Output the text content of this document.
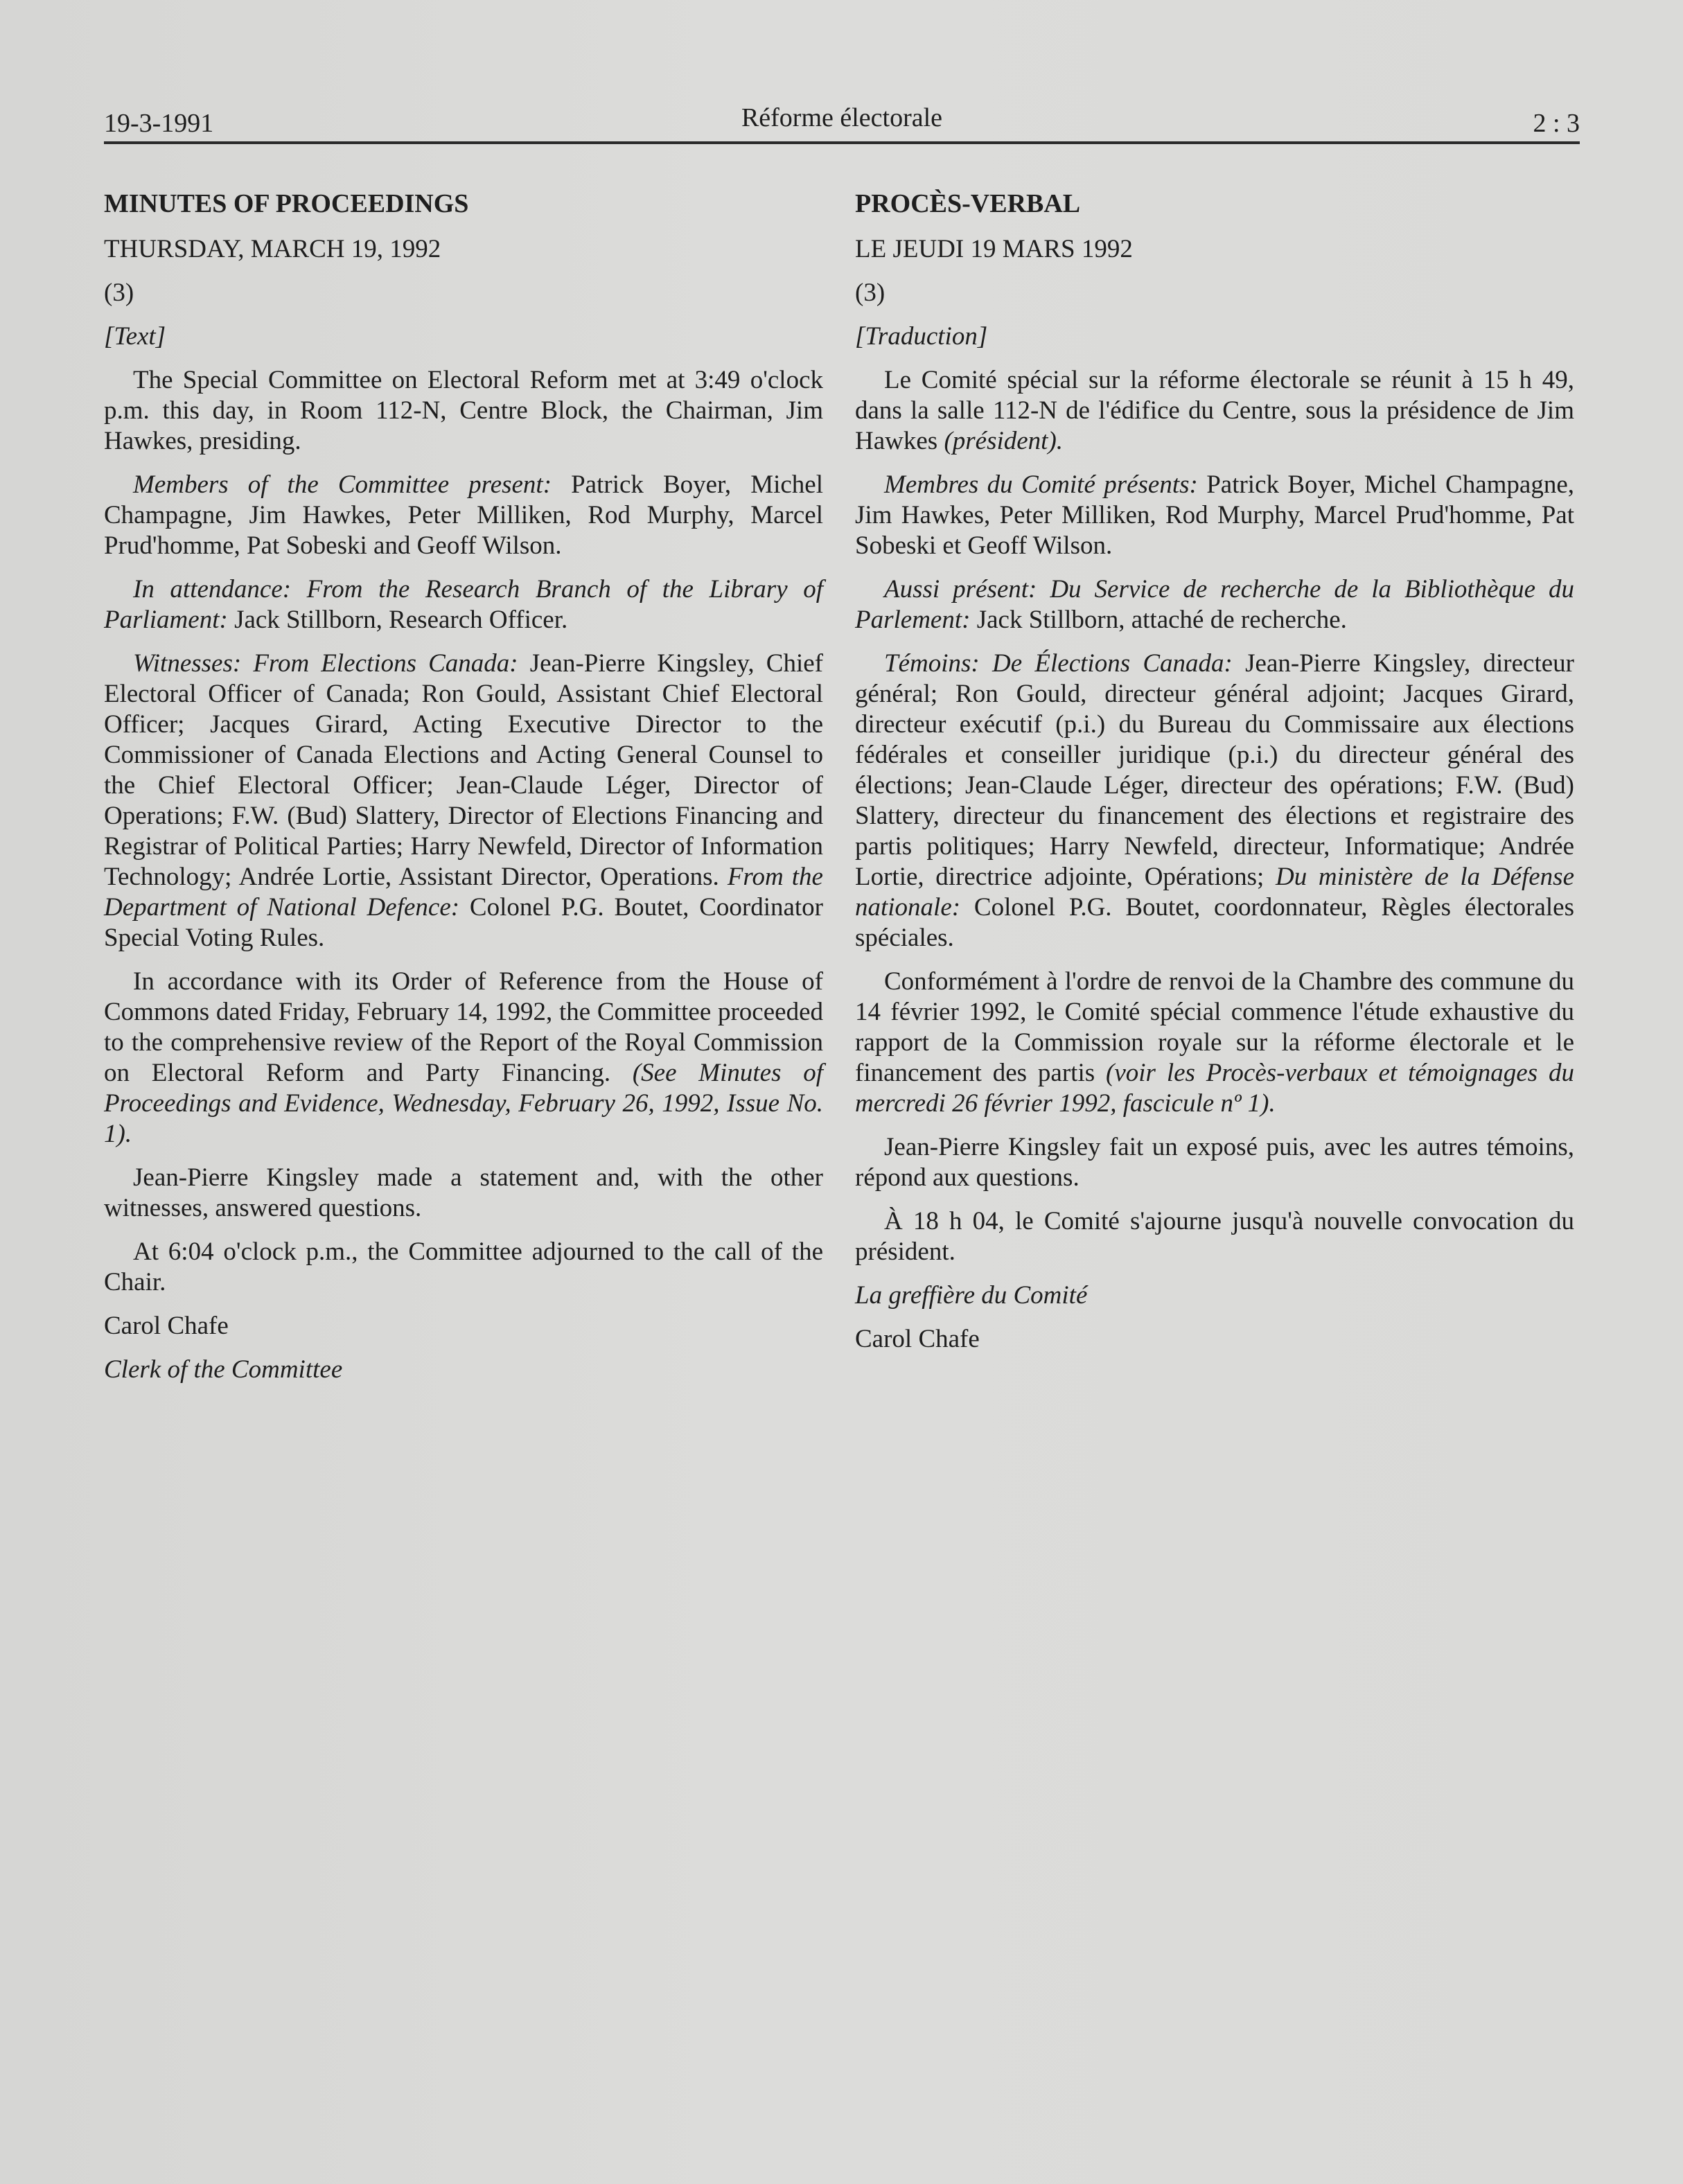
19-3-1991	Réforme électorale	2 : 3
MINUTES OF PROCEEDINGS

THURSDAY, MARCH 19, 1992

(3)

[Text]

The Special Committee on Electoral Reform met at 3:49 o'clock p.m. this day, in Room 112-N, Centre Block, the Chairman, Jim Hawkes, presiding.

Members of the Committee present: Patrick Boyer, Michel Champagne, Jim Hawkes, Peter Milliken, Rod Murphy, Marcel Prud'homme, Pat Sobeski and Geoff Wilson.

In attendance: From the Research Branch of the Library of Parliament: Jack Stillborn, Research Officer.

Witnesses: From Elections Canada: Jean-Pierre Kingsley, Chief Electoral Officer of Canada; Ron Gould, Assistant Chief Electoral Officer; Jacques Girard, Acting Executive Director to the Commissioner of Canada Elections and Acting General Counsel to the Chief Electoral Officer; Jean-Claude Léger, Director of Operations; F.W. (Bud) Slattery, Director of Elections Financing and Registrar of Political Parties; Harry Newfeld, Director of Information Technology; Andrée Lortie, Assistant Director, Operations. From the Department of National Defence: Colonel P.G. Boutet, Coordinator Special Voting Rules.

In accordance with its Order of Reference from the House of Commons dated Friday, February 14, 1992, the Committee proceeded to the comprehensive review of the Report of the Royal Commission on Electoral Reform and Party Financing. (See Minutes of Proceedings and Evidence, Wednesday, February 26, 1992, Issue No. 1).

Jean-Pierre Kingsley made a statement and, with the other witnesses, answered questions.

At 6:04 o'clock p.m., the Committee adjourned to the call of the Chair.

Carol Chafe

Clerk of the Committee

PROCÈS-VERBAL

LE JEUDI 19 MARS 1992

(3)

[Traduction]

Le Comité spécial sur la réforme électorale se réunit à 15 h 49, dans la salle 112-N de l'édifice du Centre, sous la présidence de Jim Hawkes (président).

Membres du Comité présents: Patrick Boyer, Michel Champagne, Jim Hawkes, Peter Milliken, Rod Murphy, Marcel Prud'homme, Pat Sobeski et Geoff Wilson.

Aussi présent: Du Service de recherche de la Bibliothèque du Parlement: Jack Stillborn, attaché de recherche.

Témoins: De Élections Canada: Jean-Pierre Kingsley, directeur général; Ron Gould, directeur général adjoint; Jacques Girard, directeur exécutif (p.i.) du Bureau du Commissaire aux élections fédérales et conseiller juridique (p.i.) du directeur général des élections; Jean-Claude Léger, directeur des opérations; F.W. (Bud) Slattery, directeur du financement des élections et registraire des partis politiques; Harry Newfeld, directeur, Informatique; Andrée Lortie, directrice adjointe, Opérations; Du ministère de la Défense nationale: Colonel P.G. Boutet, coordonnateur, Règles électorales spéciales.

Conformément à l'ordre de renvoi de la Chambre des commune du 14 février 1992, le Comité spécial commence l'étude exhaustive du rapport de la Commission royale sur la réforme électorale et le financement des partis (voir les Procès-verbaux et témoignages du mercredi 26 février 1992, fascicule nº 1).

Jean-Pierre Kingsley fait un exposé puis, avec les autres témoins, répond aux questions.

À 18 h 04, le Comité s'ajourne jusqu'à nouvelle convocation du président.

La greffière du Comité

Carol Chafe
